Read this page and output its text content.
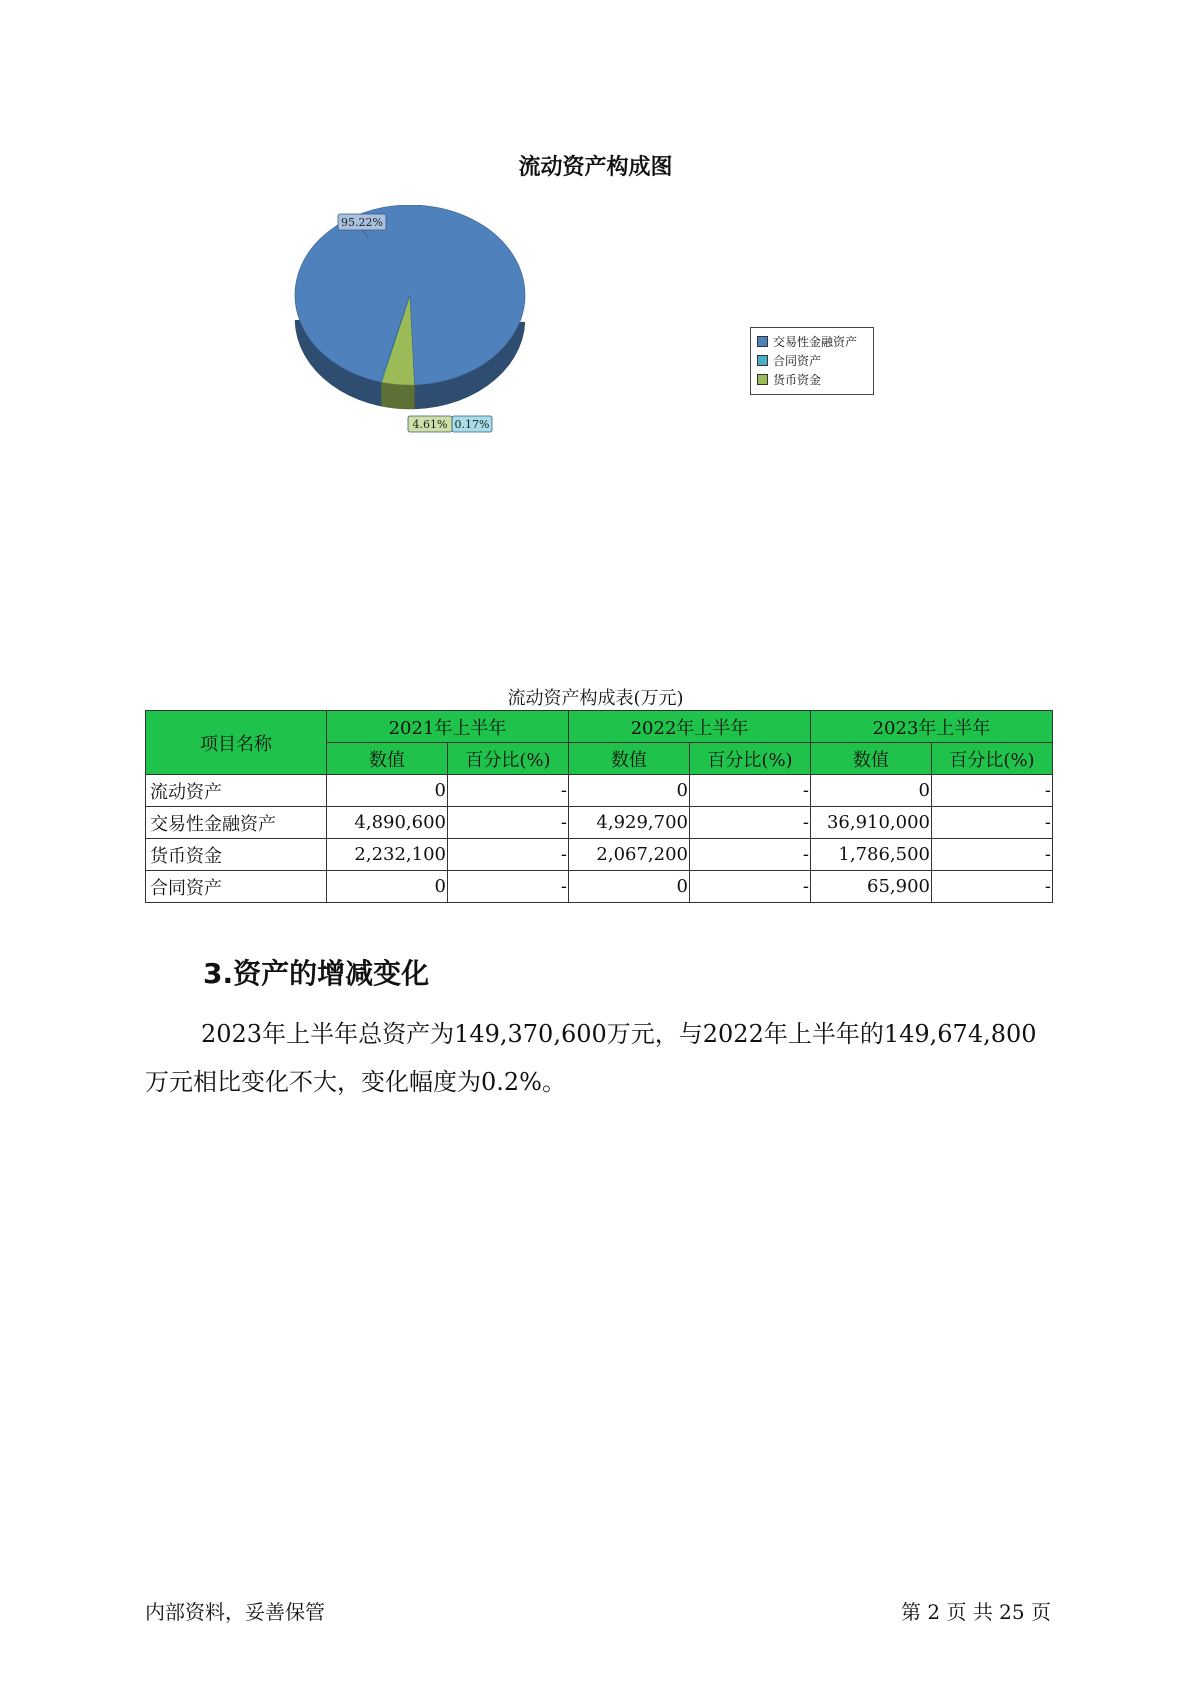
流动资产构成图
95.22%
0.17%
4.61%
交易性金融资产
合同资产
货币资金
流动资产构成表(万元)
项目名称	2021年上半年		2022年上半年		2023年上半年	
	数值	百分比(%)	数值	百分比(%)	数值	百分比(%)
流动资产	0	-	0	-	0	-
交易性金融资产	4,890,600	-	4,929,700	-	36,910,000	-
货币资金	2,232,100	-	2,067,200	-	1,786,500	-
合同资产	0	-	0	-	65,900	-
3.资产的增减变化
2023年上半年总资产为149,370,600万元，与2022年上半年的149,674,800万元相比变化不大，变化幅度为0.2%。
内部资料，妥善保管	第 2 页 共 25 页
